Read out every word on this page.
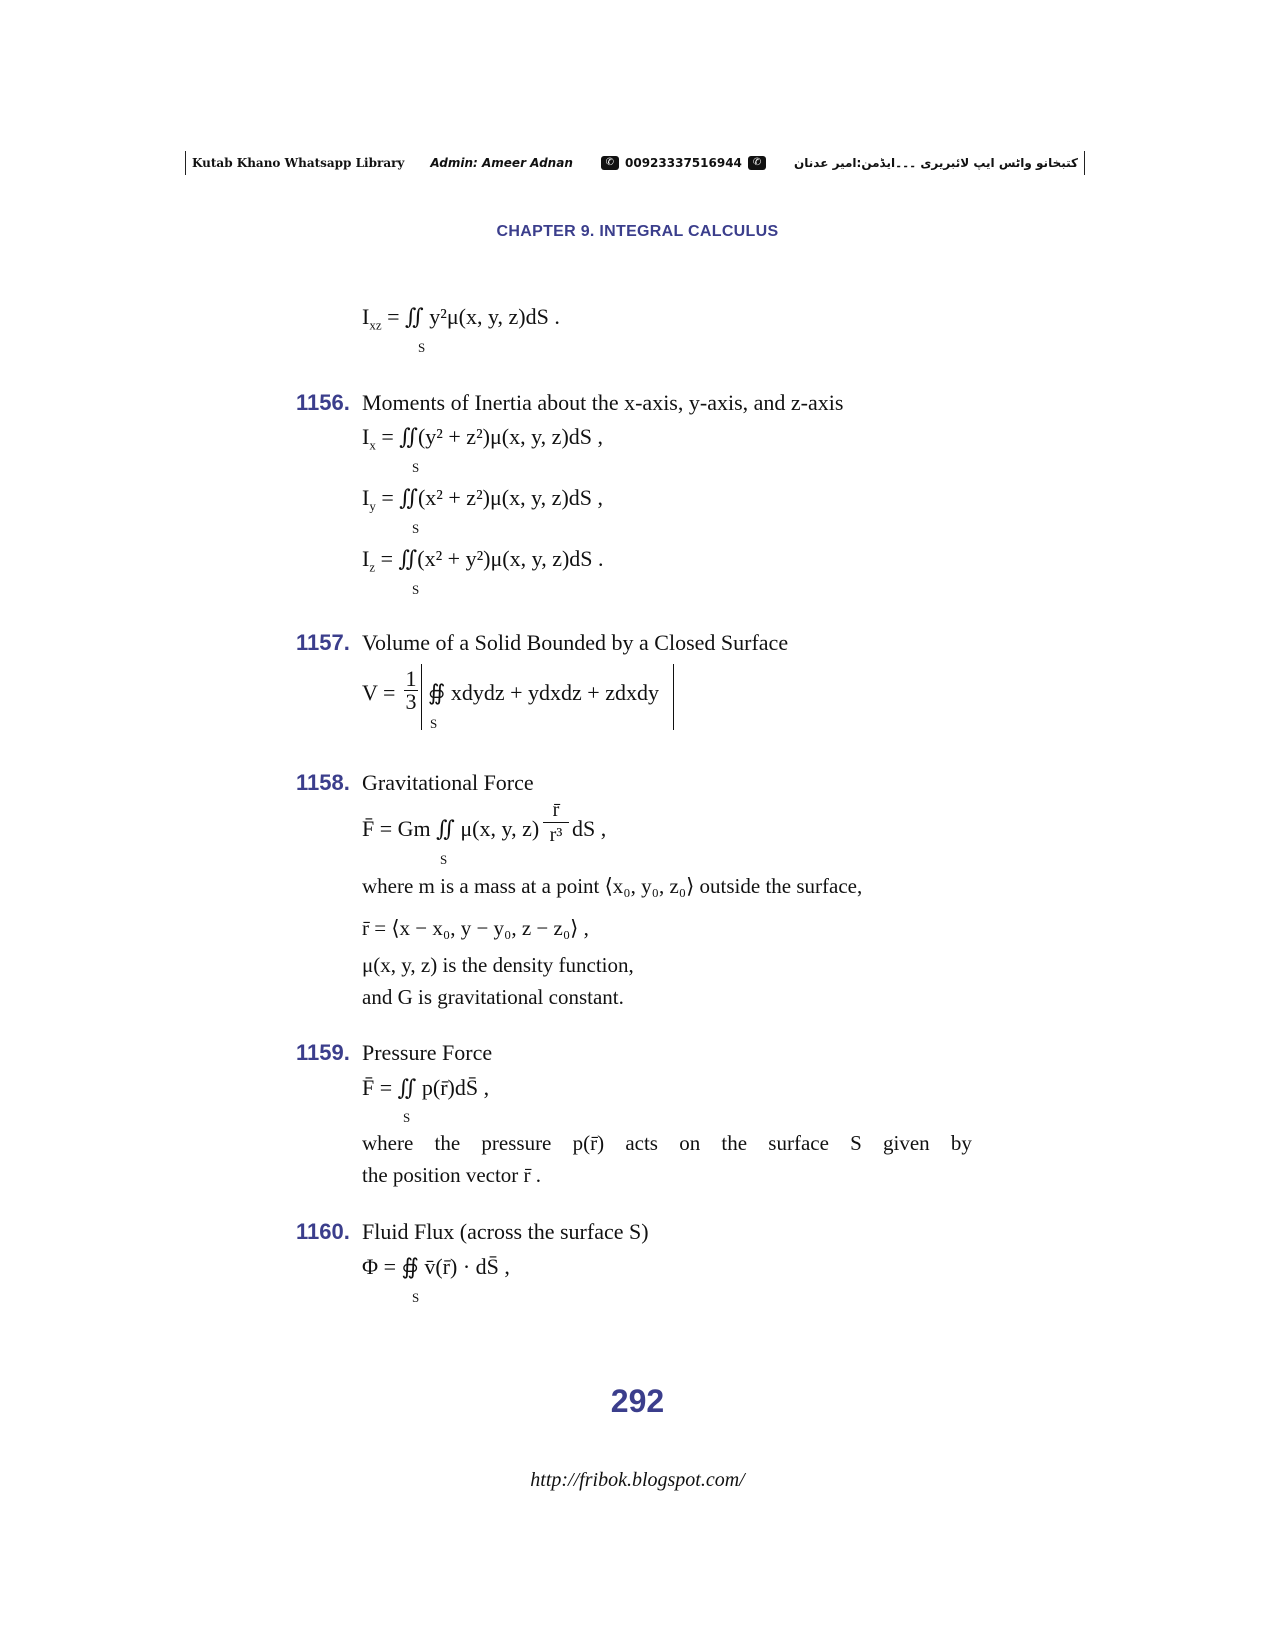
Kutab Khano Whatsapp Library Admin: Ameer Adnan	✆ 00923337516944 ✆	کتبخانو واٹس ایپ لائبریری ۔۔۔ایڈمن:امیر عدنان
CHAPTER 9. INTEGRAL CALCULUS
$I_{xz}$ = ∬ y²μ(x, y, z)dS .
S
1156. Moments of Inertia about the x-axis, y-axis, and z-axis
$I_x$ = ∬(y² + z²)μ(x, y, z)dS ,
S
$I_y$ = ∬(x² + z²)μ(x, y, z)dS ,
S
$I_z$ = ∬(x² + y²)μ(x, y, z)dS .
S
1157. Volume of a Solid Bounded by a Closed Surface
$V = \frac{1}{3}$ ∯ xdydz + ydxdz + zdxdy
S
1158. Gravitational Force
F̄ = Gm ∬ μ(x, y, $z) \frac{r̄}{\text{r³}}$ dS ,
S
where m is a mass at a point ⟨x₀, y₀, z₀⟩ outside the surface,
r̄ = ⟨x − x₀, y − y₀, z − z₀⟩ ,
μ(x, y, z) is the density function,
and G is gravitational constant.
1159. Pressure Force
F̄ = ∬ p(r̄)dS̄ ,
S
where the pressure p(r̄) acts on the surface S given by
the position vector r̄ .
1160. Fluid Flux (across the surface S)
Φ = ∯ v̄(r̄) · dS̄ ,
S
292
http://fribok.blogspot.com/
